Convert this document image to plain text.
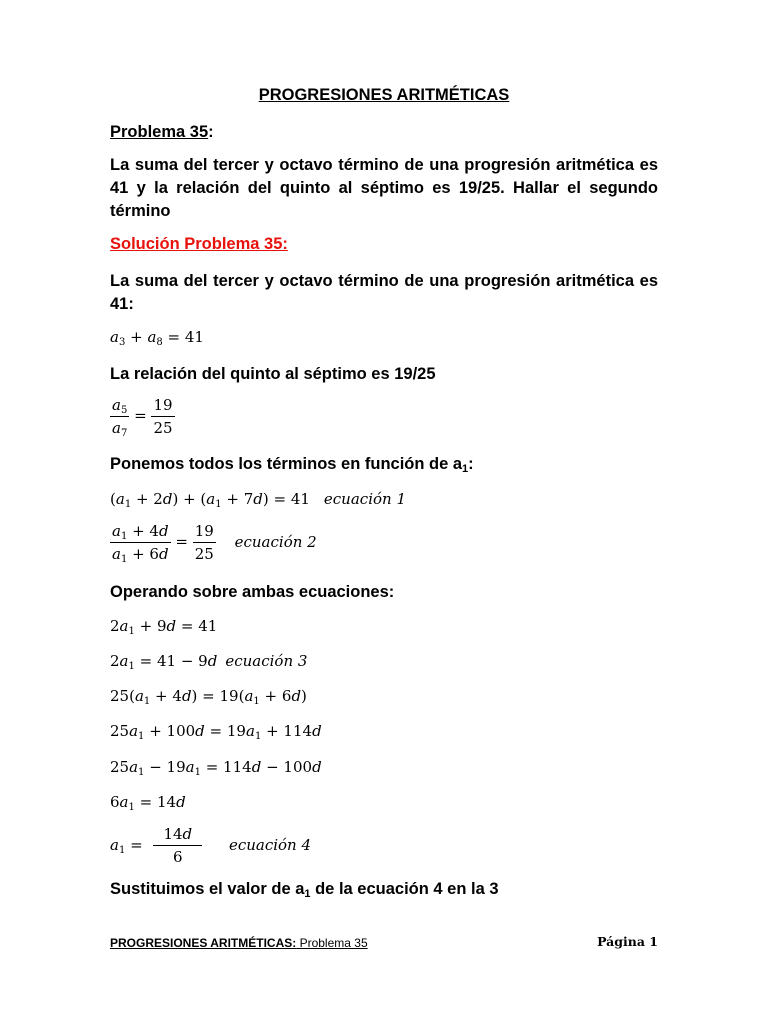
PROGRESIONES ARITMÉTICAS
Problema 35:
La suma del tercer y octavo término de una progresión aritmética es 41 y la relación del quinto al séptimo es 19/25. Hallar el segundo término
Solución Problema 35:
La suma del tercer y octavo término de una progresión aritmética es 41:
$a_3 + a_8 = 41$
La relación del quinto al séptimo es 19/25
$\frac{a_5}{a_7} = \frac{19}{25}$
Ponemos todos los términos en función de a1:
$(a_1 + 2d) + (a_1 + 7d) = 41$ ecuación 1
$\frac{a_1 + 4d}{a_1 + 6d} = \frac{19}{25}$ ecuación 2
Operando sobre ambas ecuaciones:
$2a_1 + 9d = 41$
$2a_1 = 41 - 9d$ ecuación 3
$25(a_1 + 4d) = 19(a_1 + 6d)$
$25a_1 + 100d = 19a_1 + 114d$
$25a_1 - 19a_1 = 114d - 100d$
$6a_1 = 14d$
$a_1 = \frac{14d}{6}$ ecuación 4
Sustituimos el valor de a1 de la ecuación 4 en la 3
PROGRESIONES ARITMÉTICAS: Problema 35	Página 1
